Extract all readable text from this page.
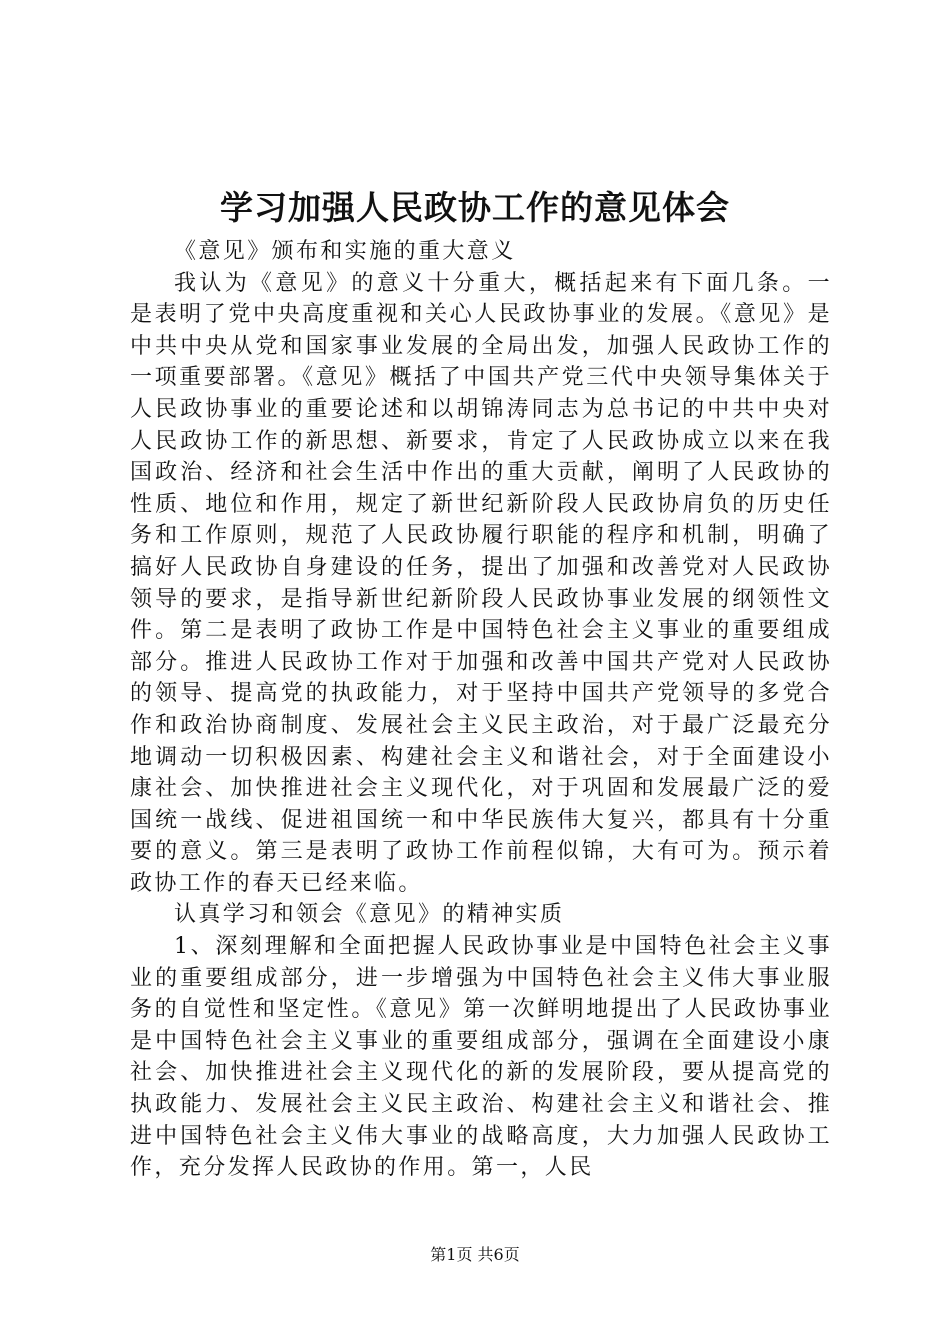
学习加强人民政协工作的意见体会

《意见》颁布和实施的重大意义

我认为《意见》的意义十分重大，概括起来有下面几条。一是表明了党中央高度重视和关心人民政协事业的发展。《意见》是中共中央从党和国家事业发展的全局出发，加强人民政协工作的一项重要部署。《意见》概括了中国共产党三代中央领导集体关于人民政协事业的重要论述和以胡锦涛同志为总书记的中共中央对人民政协工作的新思想、新要求，肯定了人民政协成立以来在我国政治、经济和社会生活中作出的重大贡献，阐明了人民政协的性质、地位和作用，规定了新世纪新阶段人民政协肩负的历史任务和工作原则，规范了人民政协履行职能的程序和机制，明确了搞好人民政协自身建设的任务，提出了加强和改善党对人民政协领导的要求，是指导新世纪新阶段人民政协事业发展的纲领性文件。第二是表明了政协工作是中国特色社会主义事业的重要组成部分。推进人民政协工作对于加强和改善中国共产党对人民政协的领导、提高党的执政能力，对于坚持中国共产党领导的多党合作和政治协商制度、发展社会主义民主政治，对于最广泛最充分地调动一切积极因素、构建社会主义和谐社会，对于全面建设小康社会、加快推进社会主义现代化，对于巩固和发展最广泛的爱国统一战线、促进祖国统一和中华民族伟大复兴，都具有十分重要的意义。第三是表明了政协工作前程似锦，大有可为。预示着政协工作的春天已经来临。

认真学习和领会《意见》的精神实质

1、深刻理解和全面把握人民政协事业是中国特色社会主义事业的重要组成部分，进一步增强为中国特色社会主义伟大事业服务的自觉性和坚定性。《意见》第一次鲜明地提出了人民政协事业是中国特色社会主义事业的重要组成部分，强调在全面建设小康社会、加快推进社会主义现代化的新的发展阶段，要从提高党的执政能力、发展社会主义民主政治、构建社会主义和谐社会、推进中国特色社会主义伟大事业的战略高度，大力加强人民政协工作，充分发挥人民政协的作用。第一，人民

第1页 共6页
